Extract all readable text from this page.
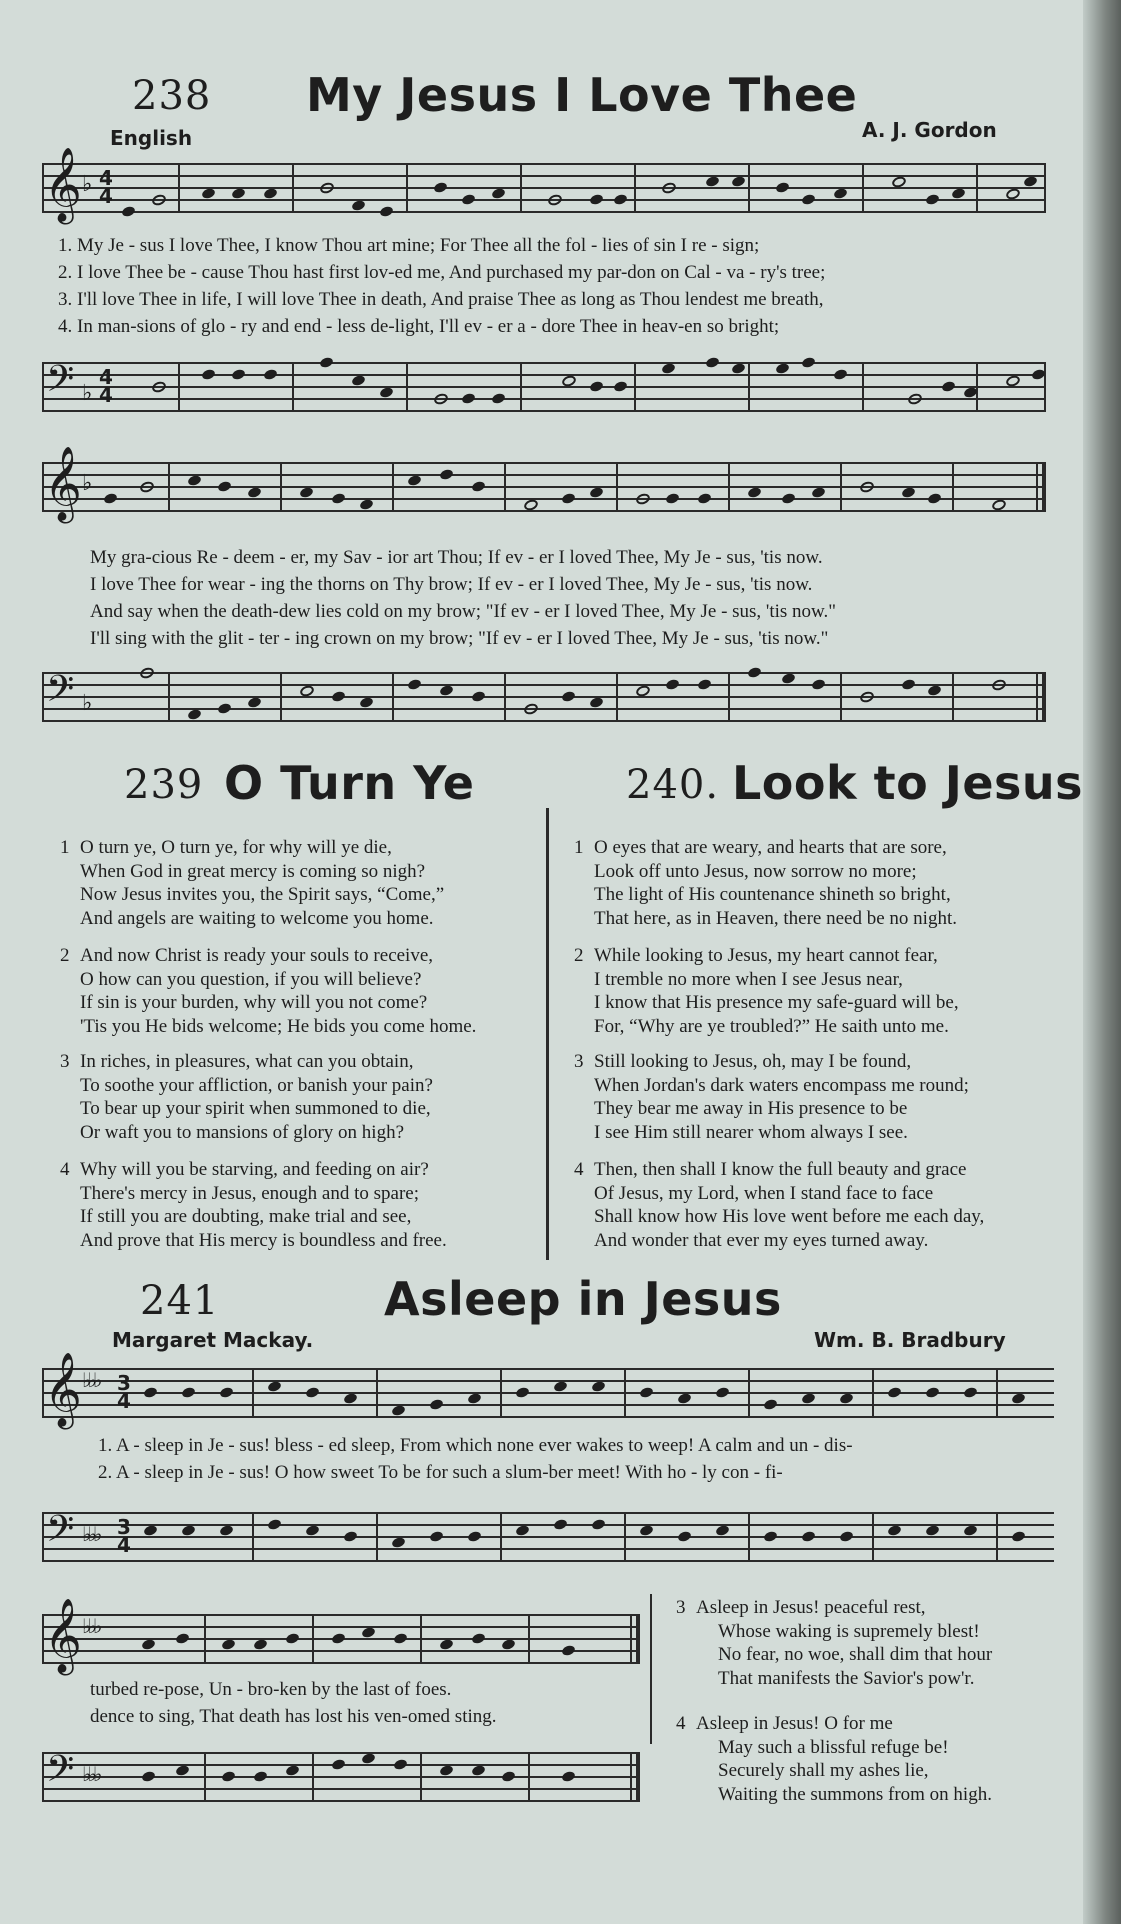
238 My Jesus I Love Thee
English	A. J. Gordon
𝄞 ♭ 4
4
1. My Je - sus I love Thee, I know Thou art mine; For Thee all the fol - lies of sin I re - sign;
2. I love Thee be - cause Thou hast first lov-ed me, And purchased my par-don on Cal - va - ry's tree;
3. I'll love Thee in life, I will love Thee in death, And praise Thee as long as Thou lendest me breath,
4. In man-sions of glo - ry and end - less de-light, I'll ev - er a - dore Thee in heav-en so bright;
𝄢 ♭
4
4
𝄞 ♭
My gra-cious Re - deem - er, my Sav - ior art Thou; If ev - er I loved Thee, My Je - sus, 'tis now.
I love Thee for wear - ing the thorns on Thy brow; If ev - er I loved Thee, My Je - sus, 'tis now.
And say when the death-dew lies cold on my brow; "If ev - er I loved Thee, My Je - sus, 'tis now."
I'll sing with the glit - ter - ing crown on my brow; "If ev - er I loved Thee, My Je - sus, 'tis now."
𝄢 ♭
239 O Turn Ye
1 O turn ye, O turn ye, for why will ye die,
When God in great mercy is coming so nigh?
Now Jesus invites you, the Spirit says, “Come,”
And angels are waiting to welcome you home.
2 And now Christ is ready your souls to receive,
O how can you question, if you will believe?
If sin is your burden, why will you not come?
'Tis you He bids welcome; He bids you come home.
3 In riches, in pleasures, what can you obtain,
To soothe your affliction, or banish your pain?
To bear up your spirit when summoned to die,
Or waft you to mansions of glory on high?
4 Why will you be starving, and feeding on air?
There's mercy in Jesus, enough and to spare;
If still you are doubting, make trial and see,
And prove that His mercy is boundless and free.
240. Look to Jesus
1 O eyes that are weary, and hearts that are sore,
Look off unto Jesus, now sorrow no more;
The light of His countenance shineth so bright,
That here, as in Heaven, there need be no night.
2 While looking to Jesus, my heart cannot fear,
I tremble no more when I see Jesus near,
I know that His presence my safe-guard will be,
For, “Why are ye troubled?” He saith unto me.
3 Still looking to Jesus, oh, may I be found,
When Jordan's dark waters encompass me round;
They bear me away in His presence to be
I see Him still nearer whom always I see.
4 Then, then shall I know the full beauty and grace
Of Jesus, my Lord, when I stand face to face
Shall know how His love went before me each day,
And wonder that ever my eyes turned away.
241	Asleep in Jesus
Margaret Mackay.	Wm. B. Bradbury
𝄞 ♭♭♭ 3
4
1. A - sleep in Je - sus! bless - ed sleep, From which none ever wakes to weep! A calm and un - dis-
2. A - sleep in Je - sus! O how sweet To be for such a slum-ber meet! With ho - ly con - fi-
𝄢 ♭♭♭ 3
4
𝄞 ♭♭♭
turbed re-pose, Un - bro-ken by the last of foes.
dence to sing, That death has lost his ven-omed sting.
𝄢 ♭♭♭
3 Asleep in Jesus! peaceful rest,
Whose waking is supremely blest!
No fear, no woe, shall dim that hour
That manifests the Savior's pow'r.
4 Asleep in Jesus! O for me
May such a blissful refuge be!
Securely shall my ashes lie,
Waiting the summons from on high.
